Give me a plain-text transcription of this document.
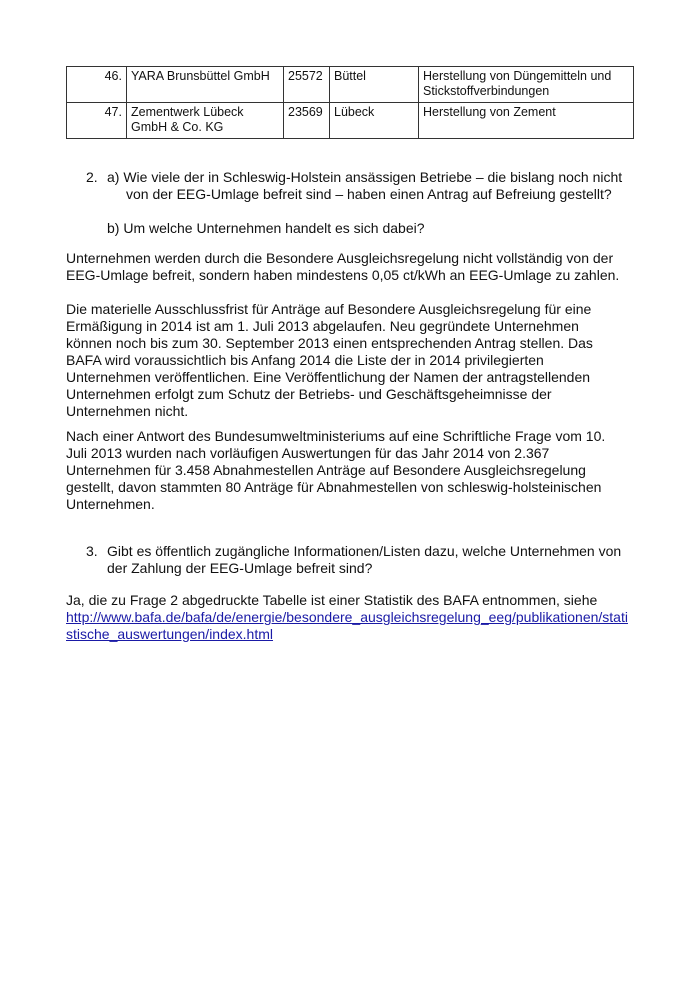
46.	YARA Brunsbüttel GmbH	25572	Büttel	Herstellung von Düngemitteln und
Stickstoffverbindungen
47.	Zementwerk Lübeck
GmbH & Co. KG	23569	Lübeck	Herstellung von Zement
2. a) Wie viele der in Schleswig-Holstein ansässigen Betriebe – die bislang noch nicht
von der EEG-Umlage befreit sind – haben einen Antrag auf Befreiung gestellt?
b) Um welche Unternehmen handelt es sich dabei?
Unternehmen werden durch die Besondere Ausgleichsregelung nicht vollständig von der
EEG-Umlage befreit, sondern haben mindestens 0,05 ct/kWh an EEG-Umlage zu zahlen.
Die materielle Ausschlussfrist für Anträge auf Besondere Ausgleichsregelung für eine
Ermäßigung in 2014 ist am 1. Juli 2013 abgelaufen. Neu gegründete Unternehmen
können noch bis zum 30. September 2013 einen entsprechenden Antrag stellen. Das
BAFA wird voraussichtlich bis Anfang 2014 die Liste der in 2014 privilegierten
Unternehmen veröffentlichen. Eine Veröffentlichung der Namen der antragstellenden
Unternehmen erfolgt zum Schutz der Betriebs- und Geschäftsgeheimnisse der
Unternehmen nicht.
Nach einer Antwort des Bundesumweltministeriums auf eine Schriftliche Frage vom 10.
Juli 2013 wurden nach vorläufigen Auswertungen für das Jahr 2014 von 2.367
Unternehmen für 3.458 Abnahmestellen Anträge auf Besondere Ausgleichsregelung
gestellt, davon stammten 80 Anträge für Abnahmestellen von schleswig-holsteinischen
Unternehmen.
3. Gibt es öffentlich zugängliche Informationen/Listen dazu, welche Unternehmen von
der Zahlung der EEG-Umlage befreit sind?
Ja, die zu Frage 2 abgedruckte Tabelle ist einer Statistik des BAFA entnommen, siehe
http://www.bafa.de/bafa/de/energie/besondere_ausgleichsregelung_eeg/publikationen/stati
stische_auswertungen/index.html
